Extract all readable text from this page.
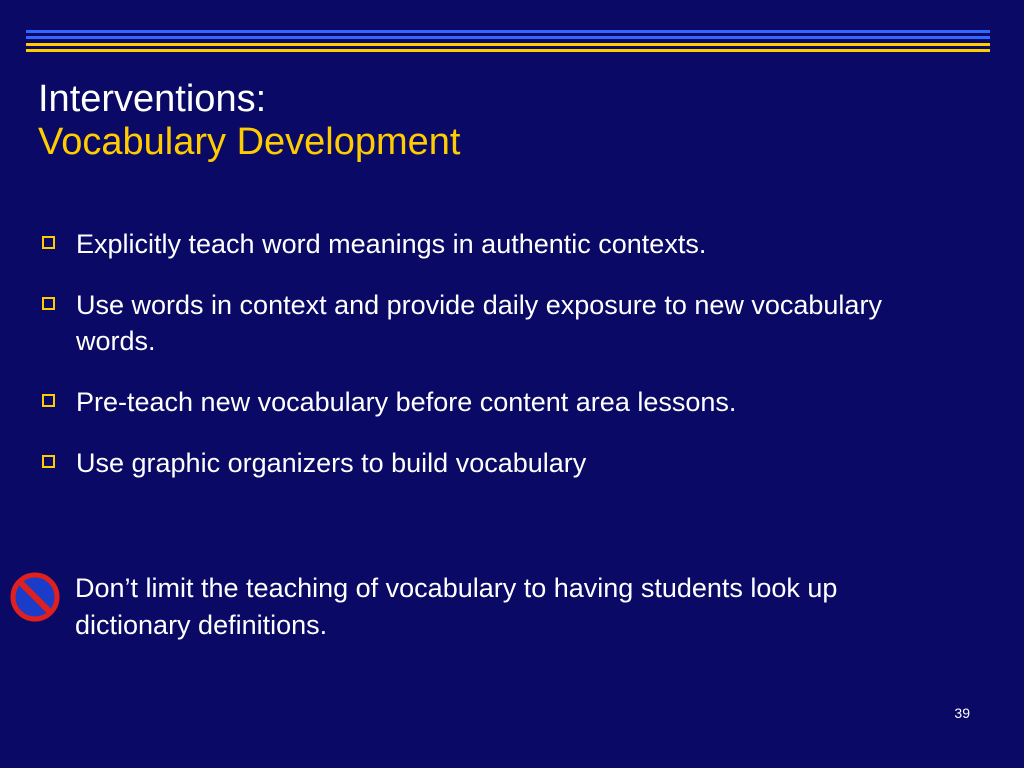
Interventions:
Vocabulary Development
Explicitly teach word meanings in authentic contexts.
Use words in context and provide daily exposure to new vocabulary words.
Pre-teach new vocabulary before content area lessons.
Use graphic organizers to build vocabulary
Don’t limit the teaching of vocabulary to having students look up dictionary definitions.
39
